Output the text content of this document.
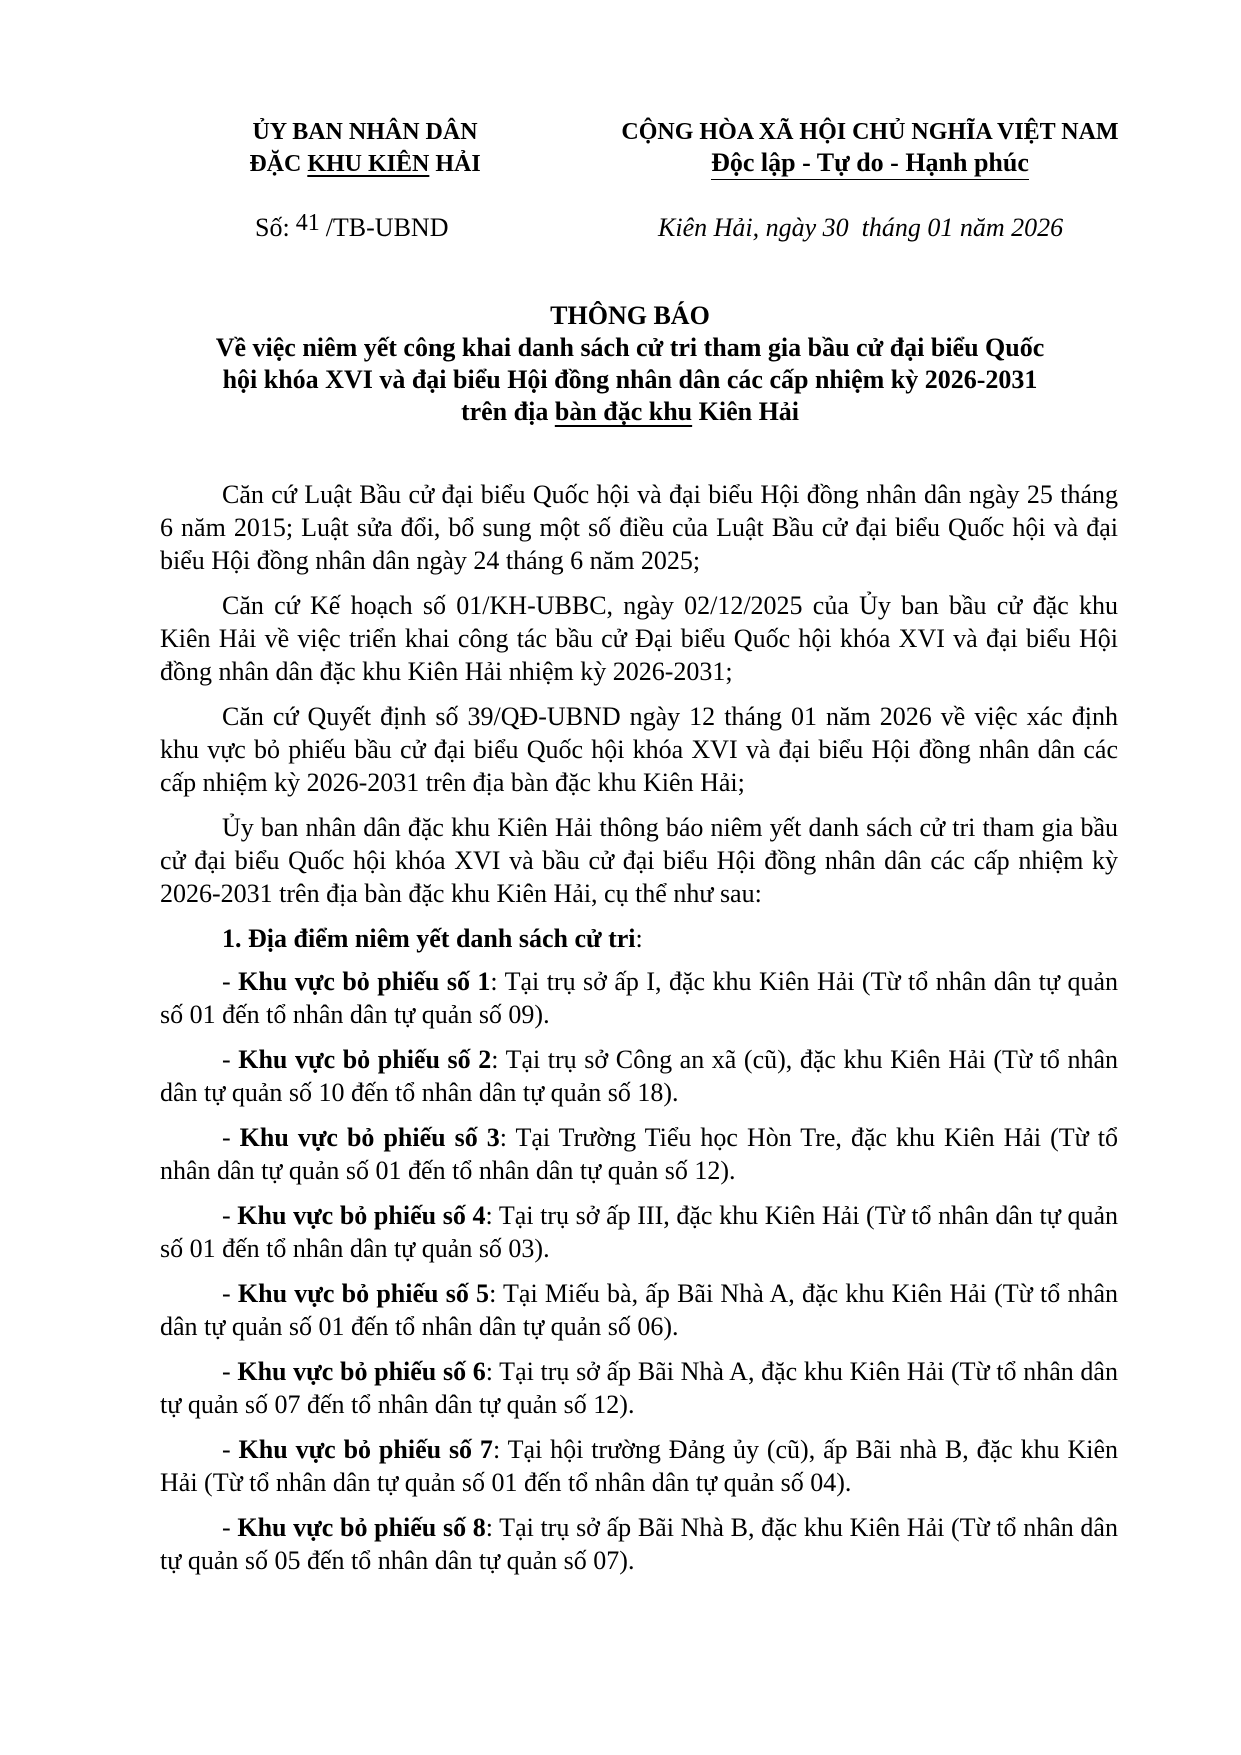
ỦY BAN NHÂN DÂN
ĐẶC KHU KIÊN HẢI
CỘNG HÒA XÃ HỘI CHỦ NGHĨA VIỆT NAM
Độc lập - Tự do - Hạnh phúc
Số: 41 /TB-UBND	Kiên Hải, ngày 30  tháng 01 năm 2026
THÔNG BÁO
Về việc niêm yết công khai danh sách cử tri tham gia bầu cử đại biểu Quốc
hội khóa XVI và đại biểu Hội đồng nhân dân các cấp nhiệm kỳ 2026-2031
trên địa bàn đặc khu Kiên Hải

Căn cứ Luật Bầu cử đại biểu Quốc hội và đại biểu Hội đồng nhân dân ngày 25 tháng 6 năm 2015; Luật sửa đổi, bổ sung một số điều của Luật Bầu cử đại biểu Quốc hội và đại biểu Hội đồng nhân dân ngày 24 tháng 6 năm 2025;

Căn cứ Kế hoạch số 01/KH-UBBC, ngày 02/12/2025 của Ủy ban bầu cử đặc khu Kiên Hải về việc triển khai công tác bầu cử Đại biểu Quốc hội khóa XVI và đại biểu Hội đồng nhân dân đặc khu Kiên Hải nhiệm kỳ 2026-2031;

Căn cứ Quyết định số 39/QĐ-UBND ngày 12 tháng 01 năm 2026 về việc xác định khu vực bỏ phiếu bầu cử đại biểu Quốc hội khóa XVI và đại biểu Hội đồng nhân dân các cấp nhiệm kỳ 2026-2031 trên địa bàn đặc khu Kiên Hải;

Ủy ban nhân dân đặc khu Kiên Hải thông báo niêm yết danh sách cử tri tham gia bầu cử đại biểu Quốc hội khóa XVI và bầu cử đại biểu Hội đồng nhân dân các cấp nhiệm kỳ 2026-2031 trên địa bàn đặc khu Kiên Hải, cụ thể như sau:

1. Địa điểm niêm yết danh sách cử tri:

- Khu vực bỏ phiếu số 1: Tại trụ sở ấp I, đặc khu Kiên Hải (Từ tổ nhân dân tự quản số 01 đến tổ nhân dân tự quản số 09).

- Khu vực bỏ phiếu số 2: Tại trụ sở Công an xã (cũ), đặc khu Kiên Hải (Từ tổ nhân dân tự quản số 10 đến tổ nhân dân tự quản số 18).

- Khu vực bỏ phiếu số 3: Tại Trường Tiểu học Hòn Tre, đặc khu Kiên Hải (Từ tổ nhân dân tự quản số 01 đến tổ nhân dân tự quản số 12).

- Khu vực bỏ phiếu số 4: Tại trụ sở ấp III, đặc khu Kiên Hải (Từ tổ nhân dân tự quản số 01 đến tổ nhân dân tự quản số 03).

- Khu vực bỏ phiếu số 5: Tại Miếu bà, ấp Bãi Nhà A, đặc khu Kiên Hải (Từ tổ nhân dân tự quản số 01 đến tổ nhân dân tự quản số 06).

- Khu vực bỏ phiếu số 6: Tại trụ sở ấp Bãi Nhà A, đặc khu Kiên Hải (Từ tổ nhân dân tự quản số 07 đến tổ nhân dân tự quản số 12).

- Khu vực bỏ phiếu số 7: Tại hội trường Đảng ủy (cũ), ấp Bãi nhà B, đặc khu Kiên Hải (Từ tổ nhân dân tự quản số 01 đến tổ nhân dân tự quản số 04).

- Khu vực bỏ phiếu số 8: Tại trụ sở ấp Bãi Nhà B, đặc khu Kiên Hải (Từ tổ nhân dân tự quản số 05 đến tổ nhân dân tự quản số 07).
